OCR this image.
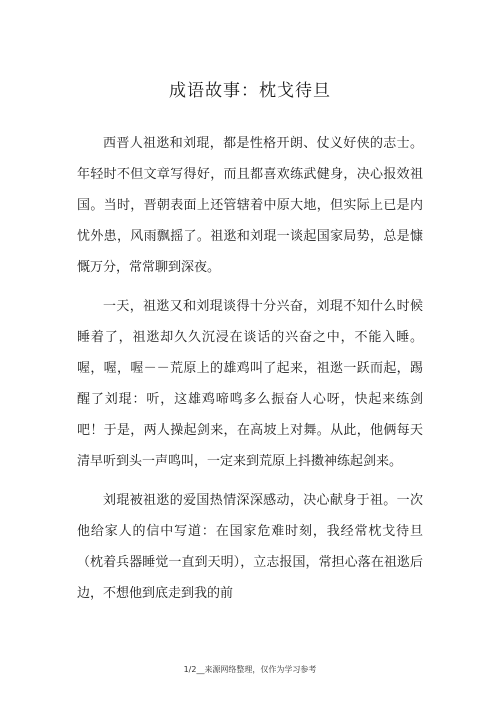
成语故事：枕戈待旦

西晋人祖逖和刘琨，都是性格开朗、仗义好侠的志士。年轻时不但文章写得好，而且都喜欢练武健身，决心报效祖国。当时，晋朝表面上还管辖着中原大地，但实际上已是内忧外患，风雨飘摇了。祖逖和刘琨一谈起国家局势，总是慷慨万分，常常聊到深夜。

一天，祖逖又和刘琨谈得十分兴奋，刘琨不知什么时候睡着了，祖逖却久久沉浸在谈话的兴奋之中，不能入睡。喔，喔，喔－－荒原上的雄鸡叫了起来，祖逖一跃而起，踢醒了刘琨：听，这雄鸡啼鸣多么振奋人心呀，快起来练剑吧！于是，两人操起剑来，在高坡上对舞。从此，他俩每天清早听到头一声鸣叫，一定来到荒原上抖擞神练起剑来。

刘琨被祖逖的爱国热情深深感动，决心献身于祖。一次他给家人的信中写道：在国家危难时刻，我经常枕戈待旦（枕着兵器睡觉一直到天明），立志报国，常担心落在祖逖后边，不想他到底走到我的前

1/2__来源网络整理，仅作为学习参考
